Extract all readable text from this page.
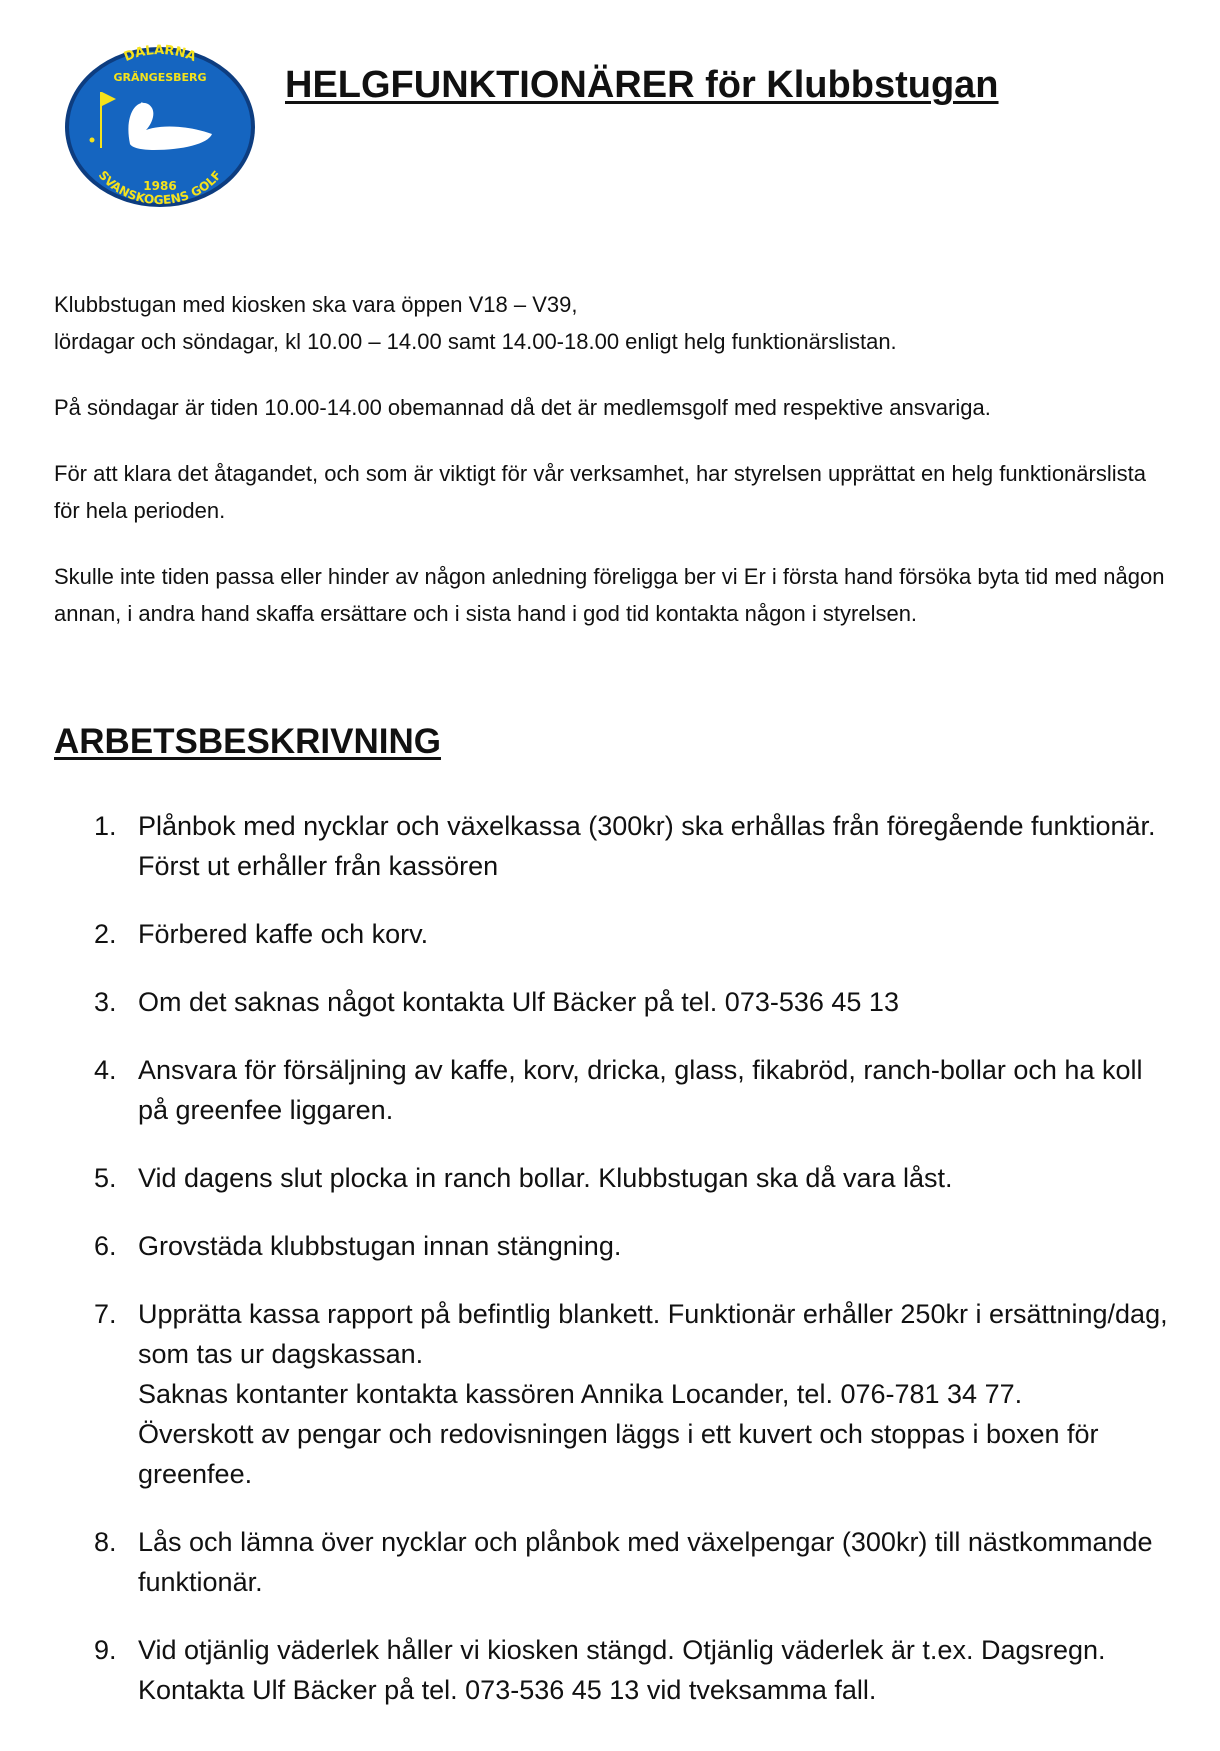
DALARNA
GRÄNGESBERG
SVANSKOGENS GOLF
1986
HELGFUNKTIONÄRER för Klubbstugan

Klubbstugan med kiosken ska vara öppen V18 – V39,

lördagar och söndagar, kl 10.00 – 14.00 samt 14.00-18.00 enligt helg funktionärslistan.

På söndagar är tiden 10.00-14.00 obemannad då det är medlemsgolf med respektive ansvariga.

För att klara det åtagandet, och som är viktigt för vår verksamhet, har styrelsen upprättat en helg funktionärslista för hela perioden.

Skulle inte tiden passa eller hinder av någon anledning föreligga ber vi Er i första hand försöka byta tid med någon annan, i andra hand skaffa ersättare och i sista hand i god tid kontakta någon i styrelsen.

ARBETSBESKRIVNING
1. Plånbok med nycklar och växelkassa (300kr) ska erhållas från föregående funktionär. Först ut erhåller från kassören
2. Förbered kaffe och korv.
3. Om det saknas något kontakta Ulf Bäcker på tel. 073-536 45 13
4. Ansvara för försäljning av kaffe, korv, dricka, glass, fikabröd, ranch-bollar och ha koll på greenfee liggaren.
5. Vid dagens slut plocka in ranch bollar. Klubbstugan ska då vara låst.
6. Grovstäda klubbstugan innan stängning.
7. Upprätta kassa rapport på befintlig blankett. Funktionär erhåller 250kr i ersättning/dag, som tas ur dagskassan.
Saknas kontanter kontakta kassören Annika Locander, tel. 076-781 34 77.
Överskott av pengar och redovisningen läggs i ett kuvert och stoppas i boxen för greenfee.
8. Lås och lämna över nycklar och plånbok med växelpengar (300kr) till nästkommande funktionär.
9. Vid otjänlig väderlek håller vi kiosken stängd. Otjänlig väderlek är t.ex. Dagsregn. Kontakta Ulf Bäcker på tel. 073-536 45 13 vid tveksamma fall.
